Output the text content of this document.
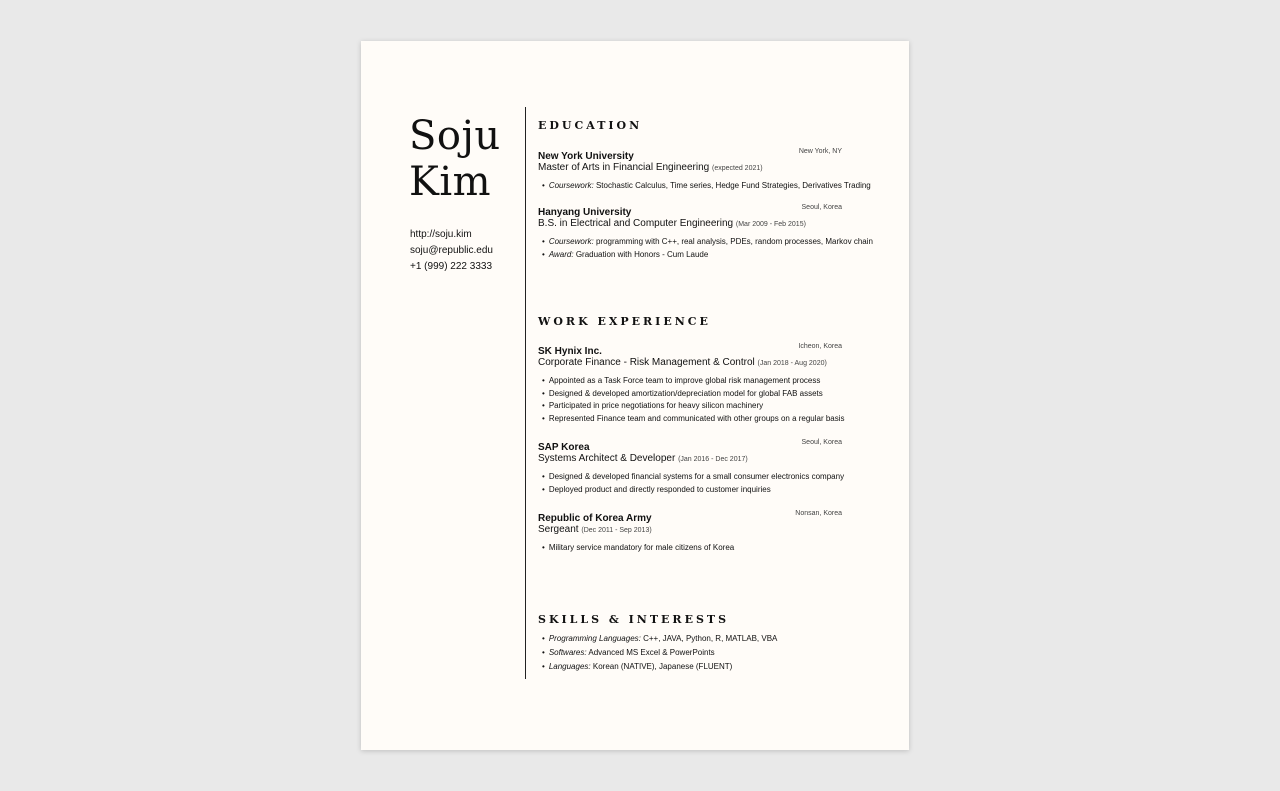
Soju
Kim
http://soju.kim
soju@republic.edu
+1 (999) 222 3333
EDUCATION
New York University	New York, NY
Master of Arts in Financial Engineering (expected 2021)
• Coursework: Stochastic Calculus, Time series, Hedge Fund Strategies, Derivatives Trading
Hanyang University	Seoul, Korea
B.S. in Electrical and Computer Engineering (Mar 2009 - Feb 2015)
• Coursework: programming with C++, real analysis, PDEs, random processes, Markov chain
• Award: Graduation with Honors - Cum Laude
WORK EXPERIENCE
SK Hynix Inc.	Icheon, Korea
Corporate Finance - Risk Management & Control (Jan 2018 - Aug 2020)
• Appointed as a Task Force team to improve global risk management process
• Designed & developed amortization/depreciation model for global FAB assets
• Participated in price negotiations for heavy silicon machinery
• Represented Finance team and communicated with other groups on a regular basis
SAP Korea	Seoul, Korea
Systems Architect & Developer (Jan 2016 - Dec 2017)
• Designed & developed financial systems for a small consumer electronics company
• Deployed product and directly responded to customer inquiries
Republic of Korea Army	Nonsan, Korea
Sergeant (Dec 2011 - Sep 2013)
• Military service mandatory for male citizens of Korea
SKILLS & INTERESTS
• Programming Languages: C++, JAVA, Python, R, MATLAB, VBA
• Softwares: Advanced MS Excel & PowerPoints
• Languages: Korean (NATIVE), Japanese (FLUENT)
